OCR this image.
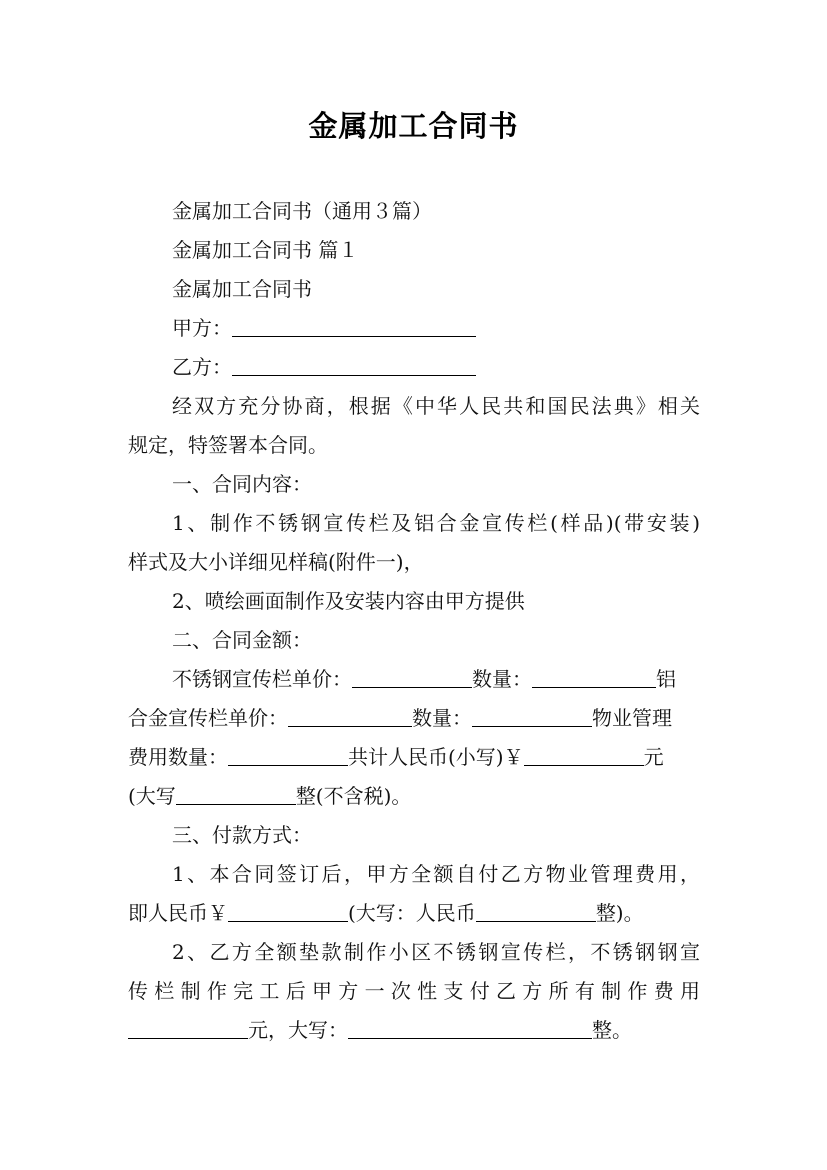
金属加工合同书
金属加工合同书（通用３篇）
金属加工合同书 篇１
金属加工合同书
甲方：
乙方：
经双方充分协商，根据《中华人民共和国民法典》相关
规定，特签署本合同。
一、合同内容：
1、制作不锈钢宣传栏及铝合金宣传栏(样品)(带安装)
样式及大小详细见样稿(附件一)，
2、喷绘画面制作及安装内容由甲方提供
二、合同金额：
不锈钢宣传栏单价：	数量：	铝
合金宣传栏单价：	数量：	物业管理
费用数量：	共计人民币(小写)￥	元
(大写	整(不含税)。
三、付款方式：
1、本合同签订后，甲方全额自付乙方物业管理费用，
即人民币￥	(大写：人民币	整)。
2、乙方全额垫款制作小区不锈钢宣传栏，不锈钢钢宣
传栏制作完工后甲方一次性支付乙方所有制作费用
元，大写：	整。
